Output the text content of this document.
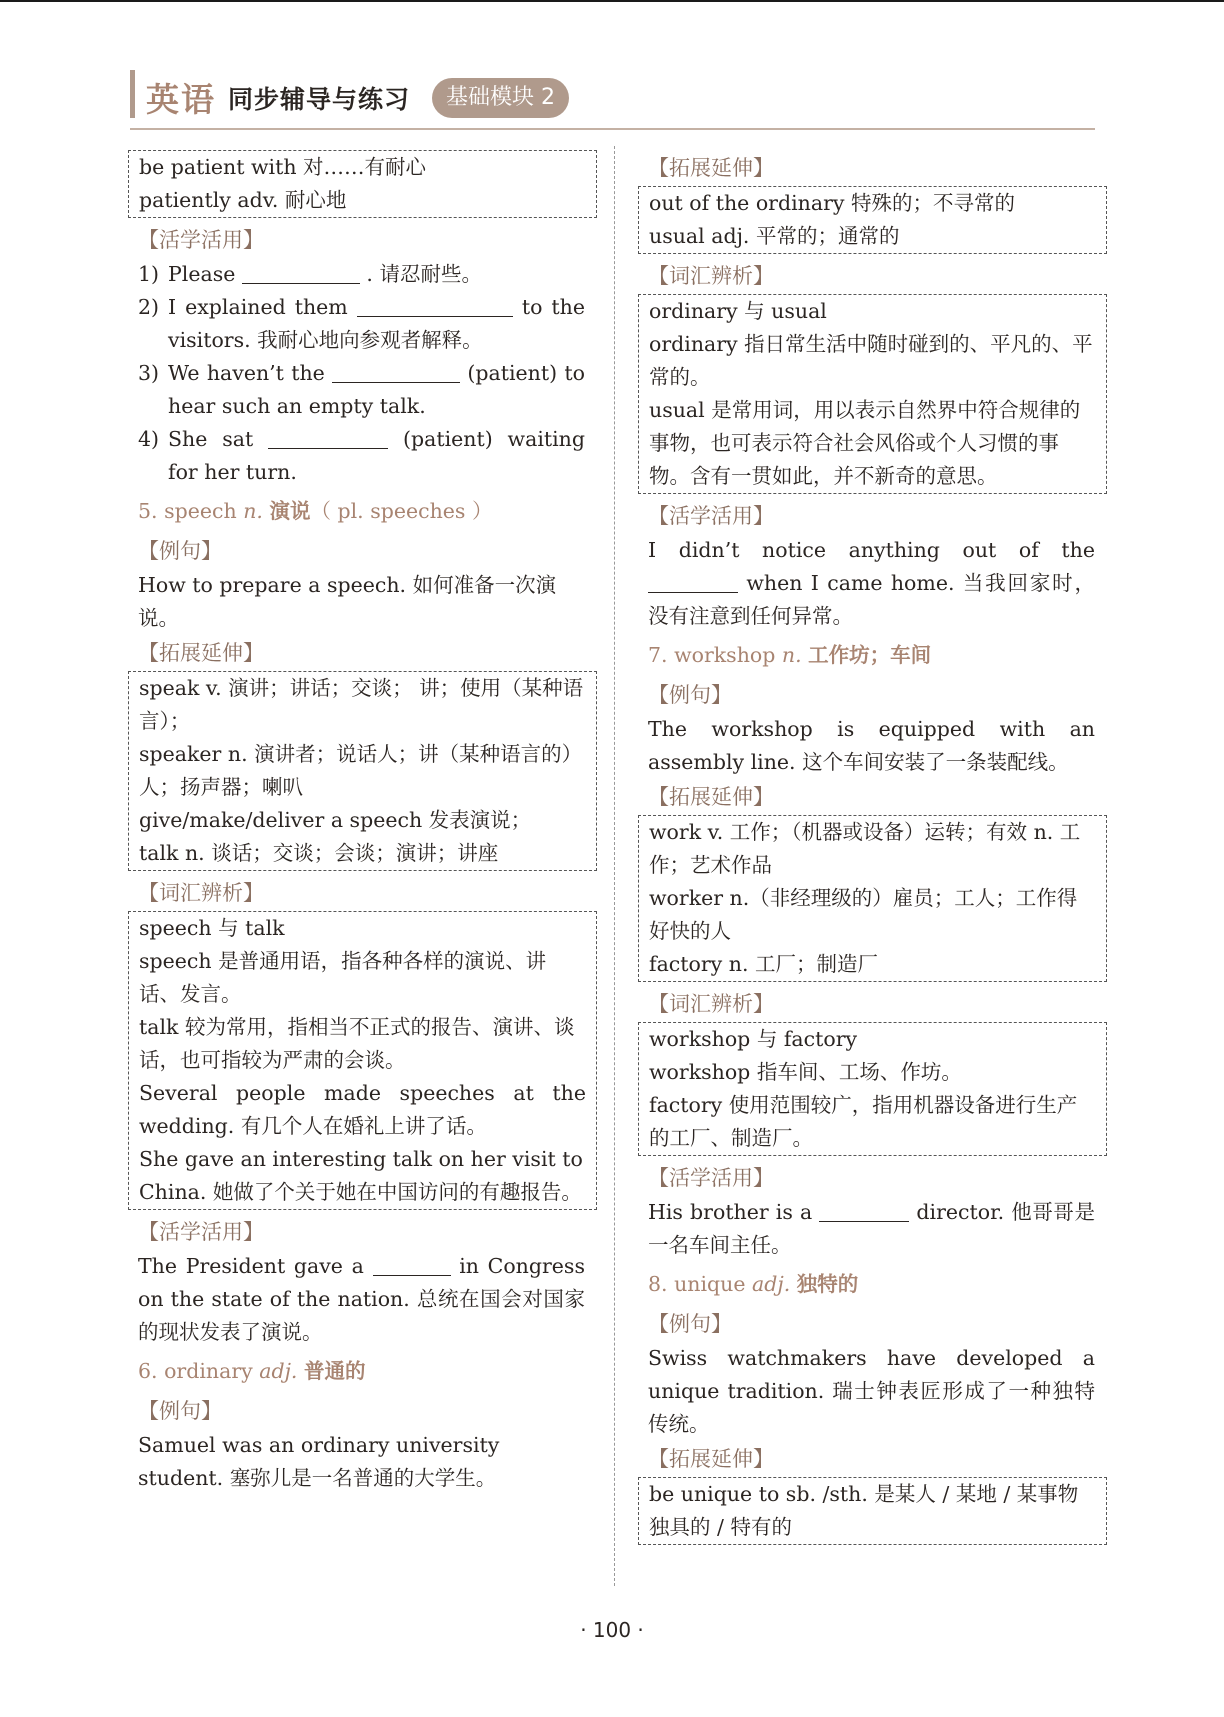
英语 同步辅导与练习	基础模块 2

be patient with 对……有耐心

patiently adv. 耐心地

【活学活用】
1) Please	. 请忍耐些。
2) I explained them	to the visitors. 我耐心地向参观者解释。
3) We haven’t the	(patient) to hear such an empty talk.
4) She sat	(patient) waiting for her turn.
5. speech n. 演说（ pl. speeches ）
【例句】

How to prepare a speech. 如何准备一次演说。

【拓展延伸】

speak v. 演讲；讲话；交谈； 讲；使用（某种语言）；

speaker n. 演讲者；说话人；讲（某种语言的）人；扬声器；喇叭

give/make/deliver a speech 发表演说；

talk n. 谈话；交谈；会谈；演讲；讲座

【词汇辨析】

speech 与 talk

speech 是普通用语，指各种各样的演说、讲话、发言。

talk 较为常用，指相当不正式的报告、演讲、谈话，也可指较为严肃的会谈。

Several people made speeches at the wedding. 有几个人在婚礼上讲了话。

She gave an interesting talk on her visit to China. 她做了个关于她在中国访问的有趣报告。

【活学活用】

The President gave a	in Congress on the state of the nation. 总统在国会对国家的现状发表了演说。

6. ordinary adj. 普通的
【例句】

Samuel was an ordinary university student. 塞弥儿是一名普通的大学生。

【拓展延伸】

out of the ordinary 特殊的；不寻常的

usual adj. 平常的；通常的

【词汇辨析】

ordinary 与 usual

ordinary 指日常生活中随时碰到的、平凡的、平常的。

usual 是常用词，用以表示自然界中符合规律的事物，也可表示符合社会风俗或个人习惯的事物。含有一贯如此，并不新奇的意思。

【活学活用】

I didn’t notice anything out of the  when I came home. 当我回家时，没有注意到任何异常。

7. workshop n. 工作坊；车间
【例句】

The workshop is equipped with an assembly line. 这个车间安装了一条装配线。

【拓展延伸】

work v. 工作；（机器或设备）运转；有效 n. 工作；艺术作品

worker n.（非经理级的）雇员；工人；工作得好快的人

factory n. 工厂；制造厂

【词汇辨析】

workshop 与 factory

workshop 指车间、工场、作坊。

factory 使用范围较广，指用机器设备进行生产的工厂、制造厂。

【活学活用】

His brother is a	director. 他哥哥是一名车间主任。

8. unique adj. 独特的
【例句】

Swiss watchmakers have developed a unique tradition. 瑞士钟表匠形成了一种独特传统。

【拓展延伸】

be unique to sb. /sth. 是某人 / 某地 / 某事物独具的 / 特有的

· 100 ·
